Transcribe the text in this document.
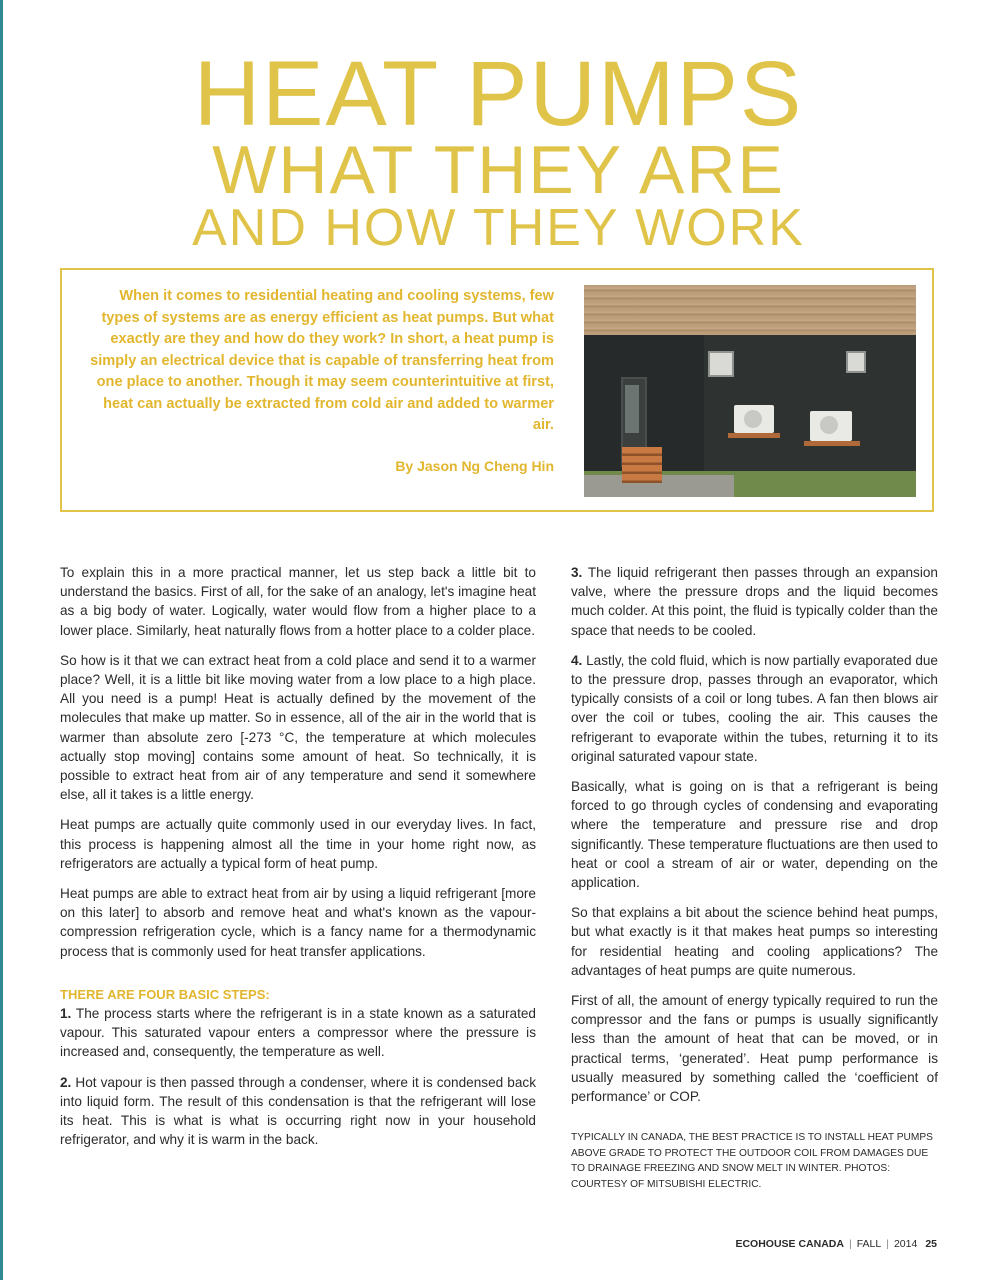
HEAT PUMPS
WHAT THEY ARE
AND HOW THEY WORK
When it comes to residential heating and cooling systems, few types of systems are as energy efficient as heat pumps. But what exactly are they and how do they work? In short, a heat pump is simply an electrical device that is capable of transferring heat from one place to another. Though it may seem counterintuitive at first, heat can actually be extracted from cold air and added to warmer air.
By Jason Ng Cheng Hin

To explain this in a more practical manner, let us step back a little bit to understand the basics. First of all, for the sake of an analogy, let's imagine heat as a big body of water. Logically, water would flow from a higher place to a lower place. Similarly, heat naturally flows from a hotter place to a colder place.

So how is it that we can extract heat from a cold place and send it to a warmer place? Well, it is a little bit like moving water from a low place to a high place. All you need is a pump! Heat is actually defined by the movement of the molecules that make up matter. So in essence, all of the air in the world that is warmer than absolute zero [-273 °C, the temperature at which molecules actually stop moving] contains some amount of heat. So technically, it is possible to extract heat from air of any temperature and send it somewhere else, all it takes is a little energy.

Heat pumps are actually quite commonly used in our everyday lives. In fact, this process is happening almost all the time in your home right now, as refrigerators are actually a typical form of heat pump.

Heat pumps are able to extract heat from air by using a liquid refrigerant [more on this later] to absorb and remove heat and what's known as the vapour-compression refrigeration cycle, which is a fancy name for a thermodynamic process that is commonly used for heat transfer applications.

THERE ARE FOUR BASIC STEPS:

1. The process starts where the refrigerant is in a state known as a saturated vapour. This saturated vapour enters a compressor where the pressure is increased and, consequently, the temperature as well.

2. Hot vapour is then passed through a condenser, where it is condensed back into liquid form. The result of this condensation is that the refrigerant will lose its heat. This is what is what is occurring right now in your household refrigerator, and why it is warm in the back.

3. The liquid refrigerant then passes through an expansion valve, where the pressure drops and the liquid becomes much colder. At this point, the fluid is typically colder than the space that needs to be cooled.

4. Lastly, the cold fluid, which is now partially evaporated due to the pressure drop, passes through an evaporator, which typically consists of a coil or long tubes. A fan then blows air over the coil or tubes, cooling the air. This causes the refrigerant to evaporate within the tubes, returning it to its original saturated vapour state.

Basically, what is going on is that a refrigerant is being forced to go through cycles of condensing and evaporating where the temperature and pressure rise and drop significantly. These temperature fluctuations are then used to heat or cool a stream of air or water, depending on the application.

So that explains a bit about the science behind heat pumps, but what exactly is it that makes heat pumps so interesting for residential heating and cooling applications? The advantages of heat pumps are quite numerous.

First of all, the amount of energy typically required to run the compressor and the fans or pumps is usually significantly less than the amount of heat that can be moved, or in practical terms, ‘generated’. Heat pump performance is usually measured by something called the ‘coefficient of performance’ or COP.

TYPICALLY IN CANADA, THE BEST PRACTICE IS TO INSTALL HEAT PUMPS ABOVE GRADE TO PROTECT THE OUTDOOR COIL FROM DAMAGES DUE TO DRAINAGE FREEZING AND SNOW MELT IN WINTER. PHOTOS: COURTESY OF MITSUBISHI ELECTRIC.
ECOHOUSE CANADA | FALL | 2014 25
